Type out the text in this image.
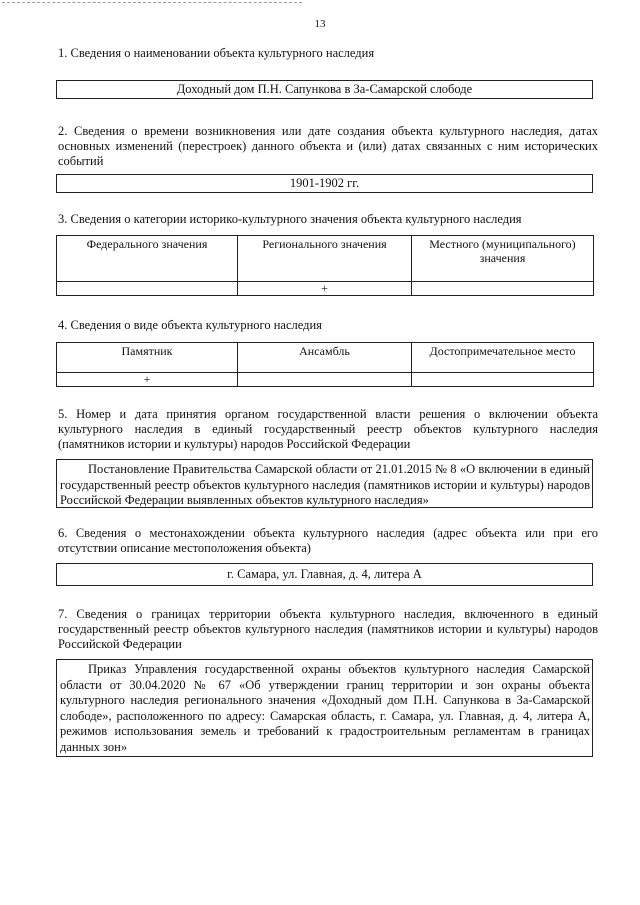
13
1. Сведения о наименовании объекта культурного наследия
Доходный дом П.Н. Сапункова в За-Самарской слободе
2. Сведения о времени возникновения или дате создания объекта культурного наследия, датах основных изменений (перестроек) данного объекта и (или) датах связанных с ним исторических событий
1901-1902 гг.
3. Сведения о категории историко-культурного значения объекта культурного наследия
Федерального значения	Регионального значения	Местного (муниципального) значения
	+	
4. Сведения о виде объекта культурного наследия
Памятник	Ансамбль	Достопримечательное место
+		
5. Номер и дата принятия органом государственной власти решения о включении объекта культурного наследия в единый государственный реестр объектов культурного наследия (памятников истории и культуры) народов Российской Федерации
Постановление Правительства Самарской области от 21.01.2015 № 8 «О включении в единый государственный реестр объектов культурного наследия (памятников истории и культуры) народов Российской Федерации выявленных объектов культурного наследия»
6. Сведения о местонахождении объекта культурного наследия (адрес объекта или при его отсутствии описание местоположения объекта)
г. Самара, ул. Главная, д. 4, литера А
7. Сведения о границах территории объекта культурного наследия, включенного в единый государственный реестр объектов культурного наследия (памятников истории и культуры) народов Российской Федерации
Приказ Управления государственной охраны объектов культурного наследия Самарской области от 30.04.2020 № 67 «Об утверждении границ территории и зон охраны объекта культурного наследия регионального значения «Доходный дом П.Н. Сапункова в За-Самарской слободе», расположенного по адресу: Самарская область, г. Самара, ул. Главная, д. 4, литера А, режимов использования земель и требований к градостроительным регламентам в границах данных зон»
